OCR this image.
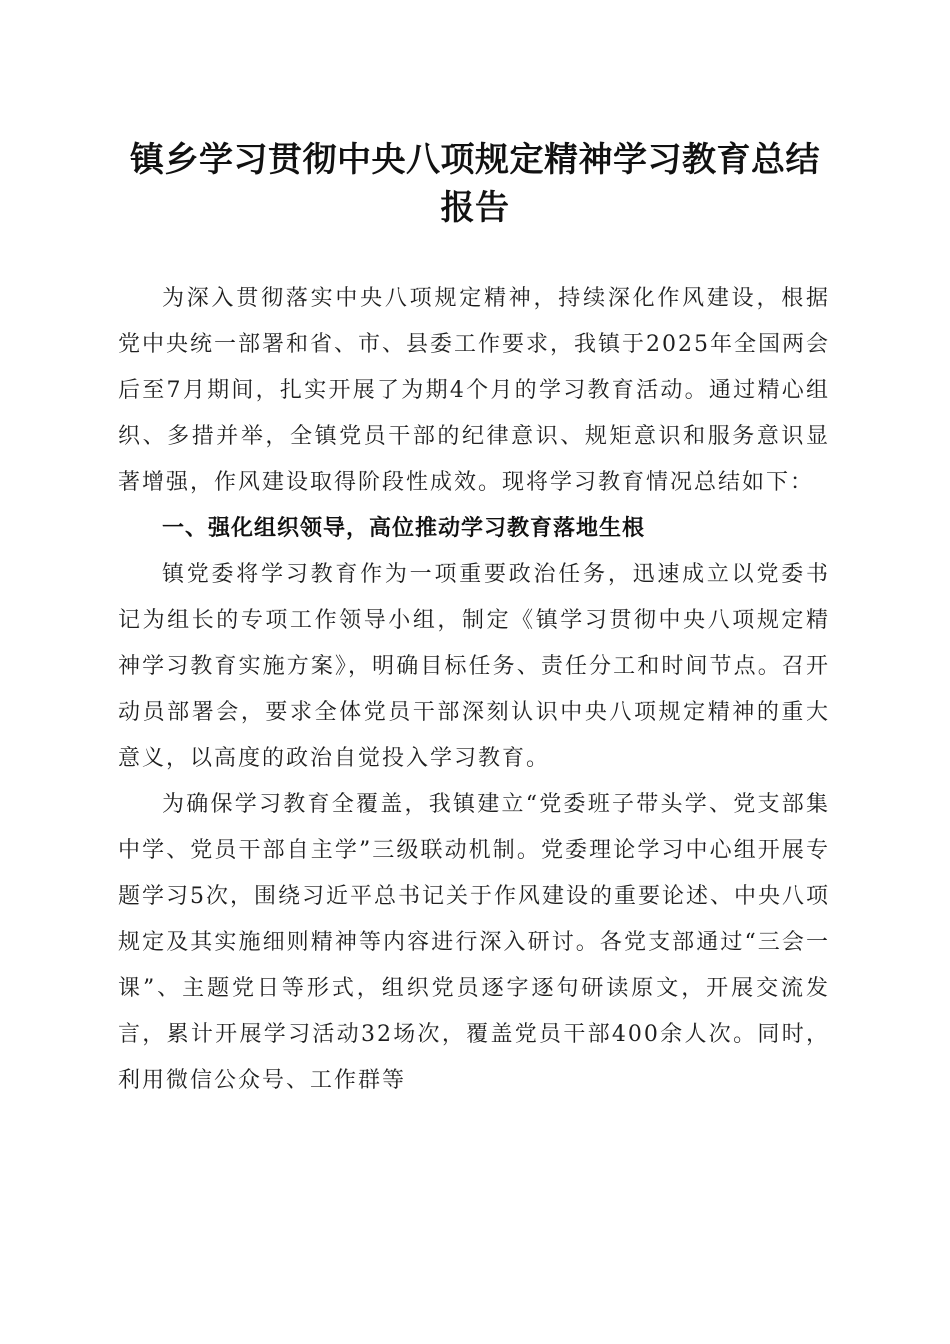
镇乡学习贯彻中央八项规定精神学习教育总结
报告

为深入贯彻落实中央八项规定精神，持续深化作风建设，根据党中央统一部署和省、市、县委工作要求，我镇于2025年全国两会后至7月期间，扎实开展了为期4个月的学习教育活动。通过精心组织、多措并举，全镇党员干部的纪律意识、规矩意识和服务意识显著增强，作风建设取得阶段性成效。现将学习教育情况总结如下：

一、强化组织领导，高位推动学习教育落地生根

镇党委将学习教育作为一项重要政治任务，迅速成立以党委书记为组长的专项工作领导小组，制定《镇学习贯彻中央八项规定精神学习教育实施方案》，明确目标任务、责任分工和时间节点。召开动员部署会，要求全体党员干部深刻认识中央八项规定精神的重大意义，以高度的政治自觉投入学习教育。

为确保学习教育全覆盖，我镇建立“党委班子带头学、党支部集中学、党员干部自主学”三级联动机制。党委理论学习中心组开展专题学习5次，围绕习近平总书记关于作风建设的重要论述、中央八项规定及其实施细则精神等内容进行深入研讨。各党支部通过“三会一课”、主题党日等形式，组织党员逐字逐句研读原文，开展交流发言，累计开展学习活动32场次，覆盖党员干部400余人次。同时，利用微信公众号、工作群等
